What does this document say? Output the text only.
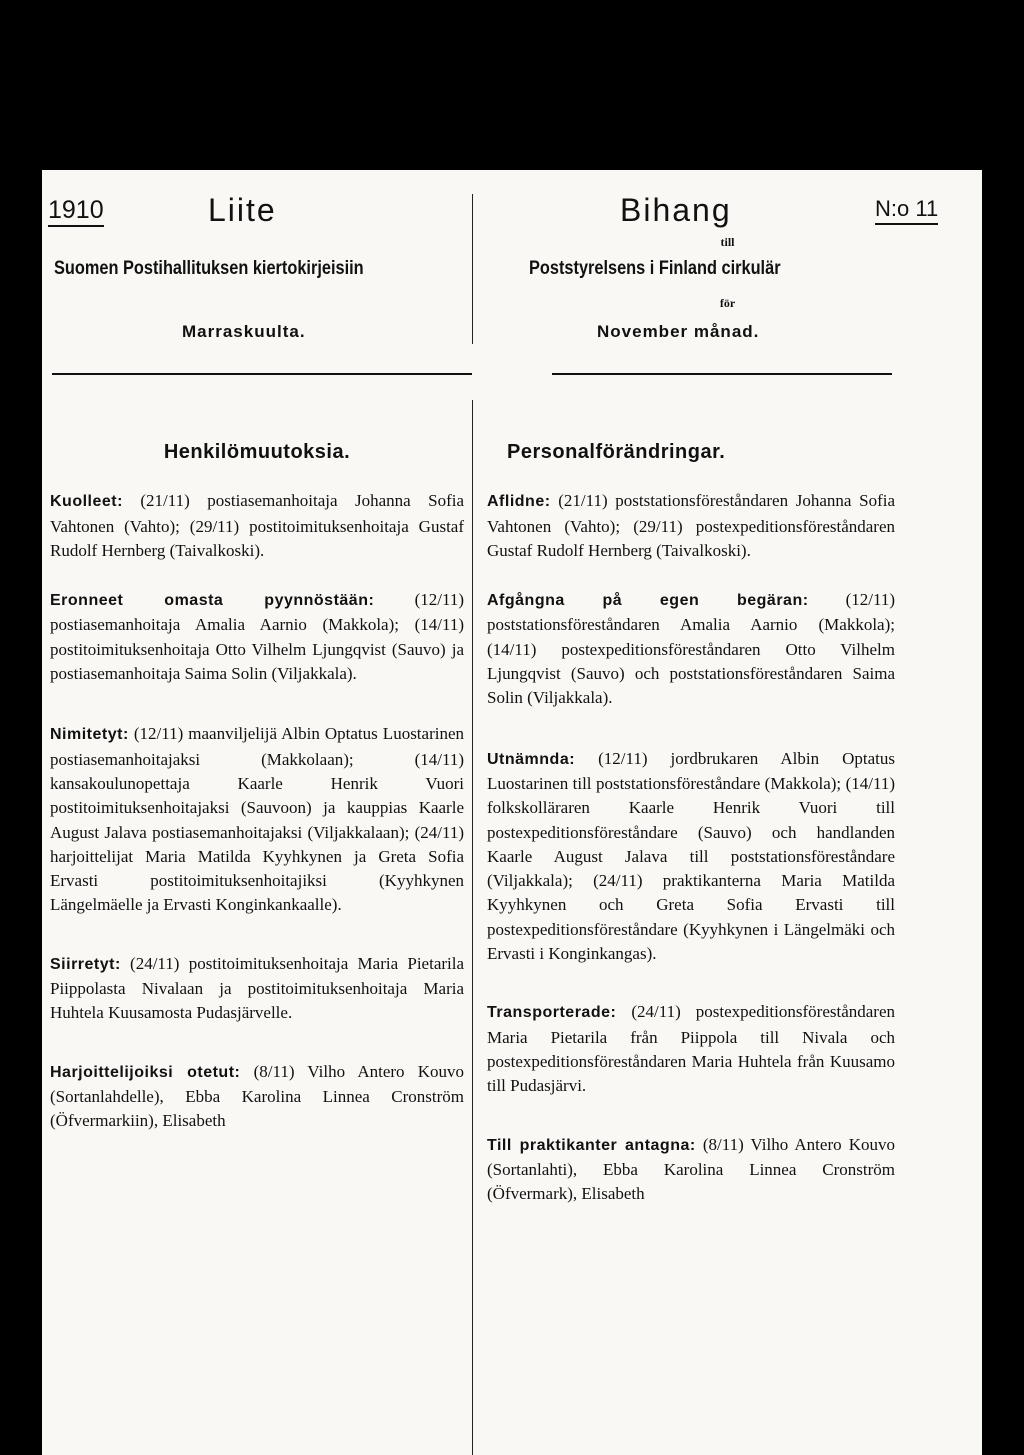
1910	Liite
Suomen Postihallituksen kiertokirjeisiin
Marraskuulta.
Bihang	N:o 11
till
Poststyrelsens i Finland cirkulär
för
November månad.
Henkilömuutoksia.

Kuolleet: (21/11) postiasemanhoitaja Johanna Sofia Vahtonen (Vahto); (29/11) postitoimituksenhoitaja Gustaf Rudolf Hernberg (Taivalkoski).

Eronneet omasta pyynnöstään: (12/11) postiasemanhoitaja Amalia Aarnio (Makkola); (14/11) postitoimituksenhoitaja Otto Vilhelm Ljungqvist (Sauvo) ja postiasemanhoitaja Saima Solin (Viljakkala).

Nimitetyt: (12/11) maanviljelijä Albin Optatus Luostarinen postiasemanhoitajaksi (Makkolaan); (14/11) kansakoulunopettaja Kaarle Henrik Vuori postitoimituksenhoitajaksi (Sauvoon) ja kauppias Kaarle August Jalava postiasemanhoitajaksi (Viljakkalaan); (24/11) harjoittelijat Maria Matilda Kyyhkynen ja Greta Sofia Ervasti postitoimituksenhoitajiksi (Kyyhkynen Längelmäelle ja Ervasti Konginkankaalle).

Siirretyt: (24/11) postitoimituksenhoitaja Maria Pietarila Piippolasta Nivalaan ja postitoimituksenhoitaja Maria Huhtela Kuusamosta Pudasjärvelle.

Harjoittelijoiksi otetut: (8/11) Vilho Antero Kouvo (Sortanlahdelle), Ebba Karolina Linnea Cronström (Öfvermarkiin), Elisabeth

Personalförändringar.

Aflidne: (21/11) poststationsföreståndaren Johanna Sofia Vahtonen (Vahto); (29/11) postexpeditionsföreståndaren Gustaf Rudolf Hernberg (Taivalkoski).

Afgångna på egen begäran: (12/11) poststationsföreståndaren Amalia Aarnio (Makkola); (14/11) postexpeditionsföreståndaren Otto Vilhelm Ljungqvist (Sauvo) och poststationsföreståndaren Saima Solin (Viljakkala).

Utnämnda: (12/11) jordbrukaren Albin Optatus Luostarinen till poststationsföreståndare (Makkola); (14/11) folkskolläraren Kaarle Henrik Vuori till postexpeditionsföreståndare (Sauvo) och handlanden Kaarle August Jalava till poststationsföreståndare (Viljakkala); (24/11) praktikanterna Maria Matilda Kyyhkynen och Greta Sofia Ervasti till postexpeditionsföreståndare (Kyyhkynen i Längelmäki och Ervasti i Konginkangas).

Transporterade: (24/11) postexpeditionsföreståndaren Maria Pietarila från Piippola till Nivala och postexpeditionsföreståndaren Maria Huhtela från Kuusamo till Pudasjärvi.

Till praktikanter antagna: (8/11) Vilho Antero Kouvo (Sortanlahti), Ebba Karolina Linnea Cronström (Öfvermark), Elisabeth
